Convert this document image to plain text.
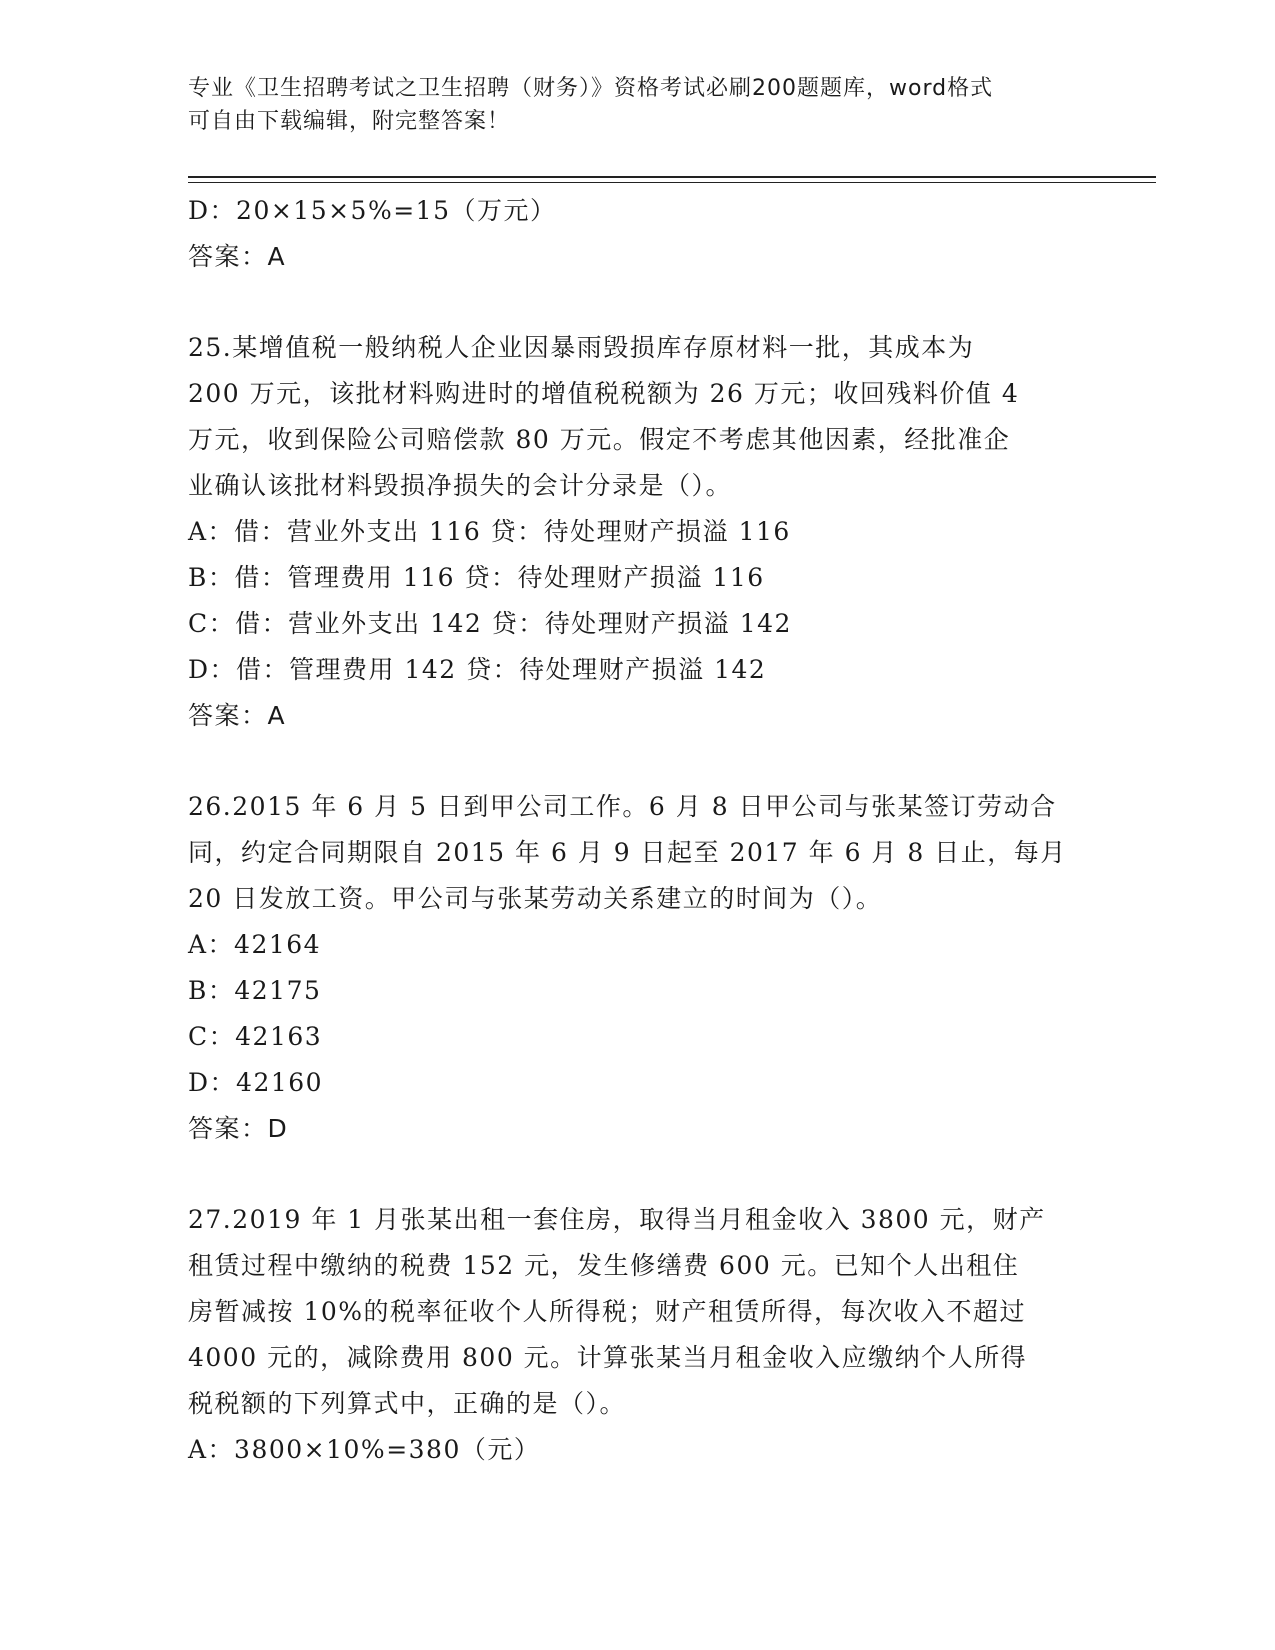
专业《卫生招聘考试之卫生招聘（财务）》资格考试必刷200题题库，word格式
可自由下载编辑，附完整答案！
D：20×15×5%=15（万元）
答案：A
25.某增值税一般纳税人企业因暴雨毁损库存原材料一批，其成本为
200 万元，该批材料购进时的增值税税额为 26 万元；收回残料价值 4
万元，收到保险公司赔偿款 80 万元。假定不考虑其他因素，经批准企
业确认该批材料毁损净损失的会计分录是（）。
A：借：营业外支出 116 贷：待处理财产损溢 116
B：借：管理费用 116 贷：待处理财产损溢 116
C：借：营业外支出 142 贷：待处理财产损溢 142
D：借：管理费用 142 贷：待处理财产损溢 142
答案：A
26.2015 年 6 月 5 日到甲公司工作。6 月 8 日甲公司与张某签订劳动合
同，约定合同期限自 2015 年 6 月 9 日起至 2017 年 6 月 8 日止，每月
20 日发放工资。甲公司与张某劳动关系建立的时间为（）。
A：42164
B：42175
C：42163
D：42160
答案：D
27.2019 年 1 月张某出租一套住房，取得当月租金收入 3800 元，财产
租赁过程中缴纳的税费 152 元，发生修缮费 600 元。已知个人出租住
房暂减按 10%的税率征收个人所得税；财产租赁所得，每次收入不超过
4000 元的，减除费用 800 元。计算张某当月租金收入应缴纳个人所得
税税额的下列算式中，正确的是（）。
A：3800×10%=380（元）
